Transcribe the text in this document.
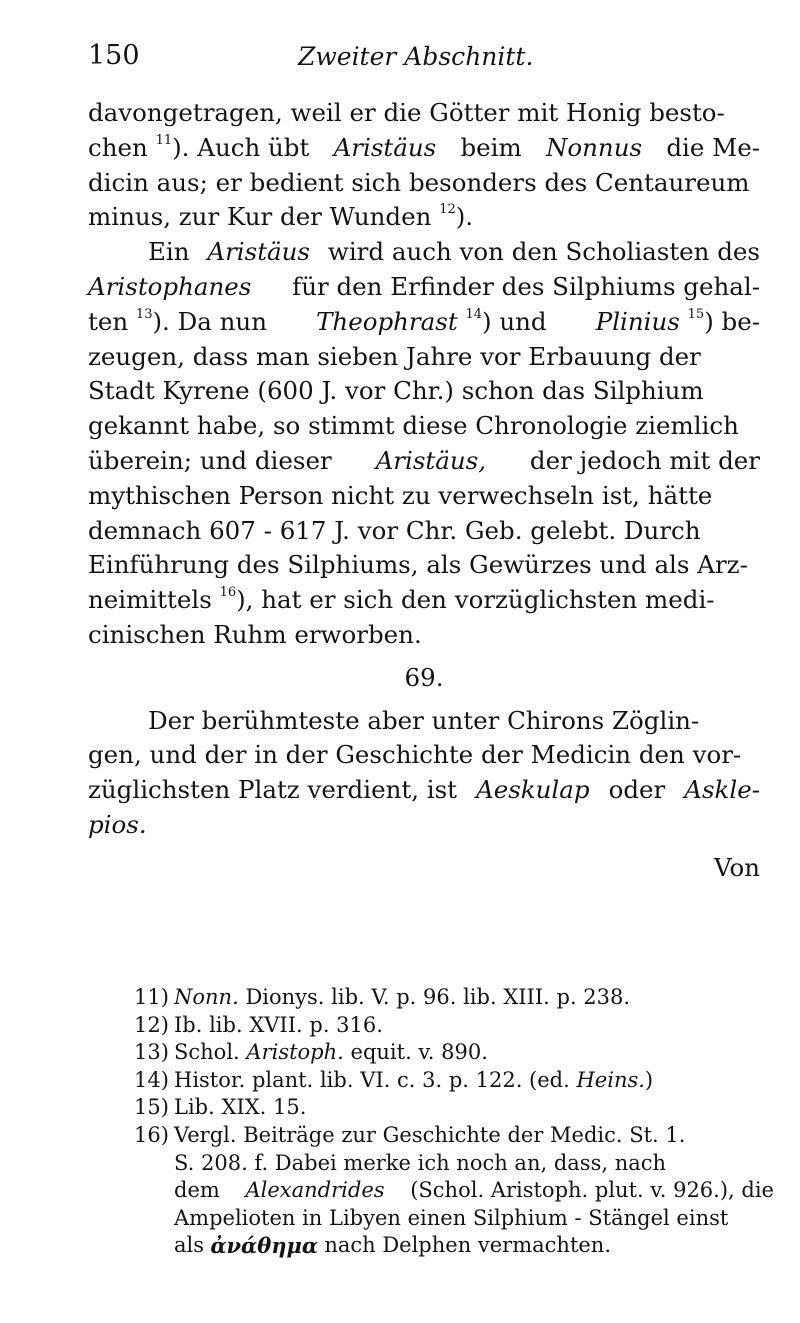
150	Zweiter Abschnitt.
davongetragen, weil er die Götter mit Honig besto-
chen $^{11}$). Auch übt Aristäus beim Nonnus die Me-
dicin aus; er bedient sich besonders des Centaureum
minus, zur Kur der Wunden $^{12}$).
Ein Aristäus wird auch von den Scholiasten des
Aristophanes für den Erfinder des Silphiums gehal-
ten $^{13}$). Da nun Theophrast $^{14}$) und Plinius $^{15}$) be-
zeugen, dass man sieben Jahre vor Erbauung der
Stadt Kyrene (600 J. vor Chr.) schon das Silphium
gekannt habe, so stimmt diese Chronologie ziemlich
überein; und dieser Aristäus, der jedoch mit der
mythischen Person nicht zu verwechseln ist, hätte
demnach 607 - 617 J. vor Chr. Geb. gelebt. Durch
Einführung des Silphiums, als Gewürzes und als Arz-
neimittels $^{16}$), hat er sich den vorzüglichsten medi-
cinischen Ruhm erworben.
69.
Der berühmteste aber unter Chirons Zöglin-
gen, und der in der Geschichte der Medicin den vor-
züglichsten Platz verdient, ist Aeskulap oder Askle-
pios.
Von
11) Nonn. Dionys. lib. V. p. 96. lib. XIII. p. 238.
12) Ib. lib. XVII. p. 316.
13) Schol. Aristoph. equit. v. 890.
14) Histor. plant. lib. VI. c. 3. p. 122. (ed. Heins.)
15) Lib. XIX. 15.
16) Vergl. Beiträge zur Geschichte der Medic. St. 1.
S. 208. f. Dabei merke ich noch an, dass, nach
dem Alexandrides (Schol. Aristoph. plut. v. 926.), die
Ampelioten in Libyen einen Silphium - Stängel einst
als ἀνάθημα nach Delphen vermachten.
